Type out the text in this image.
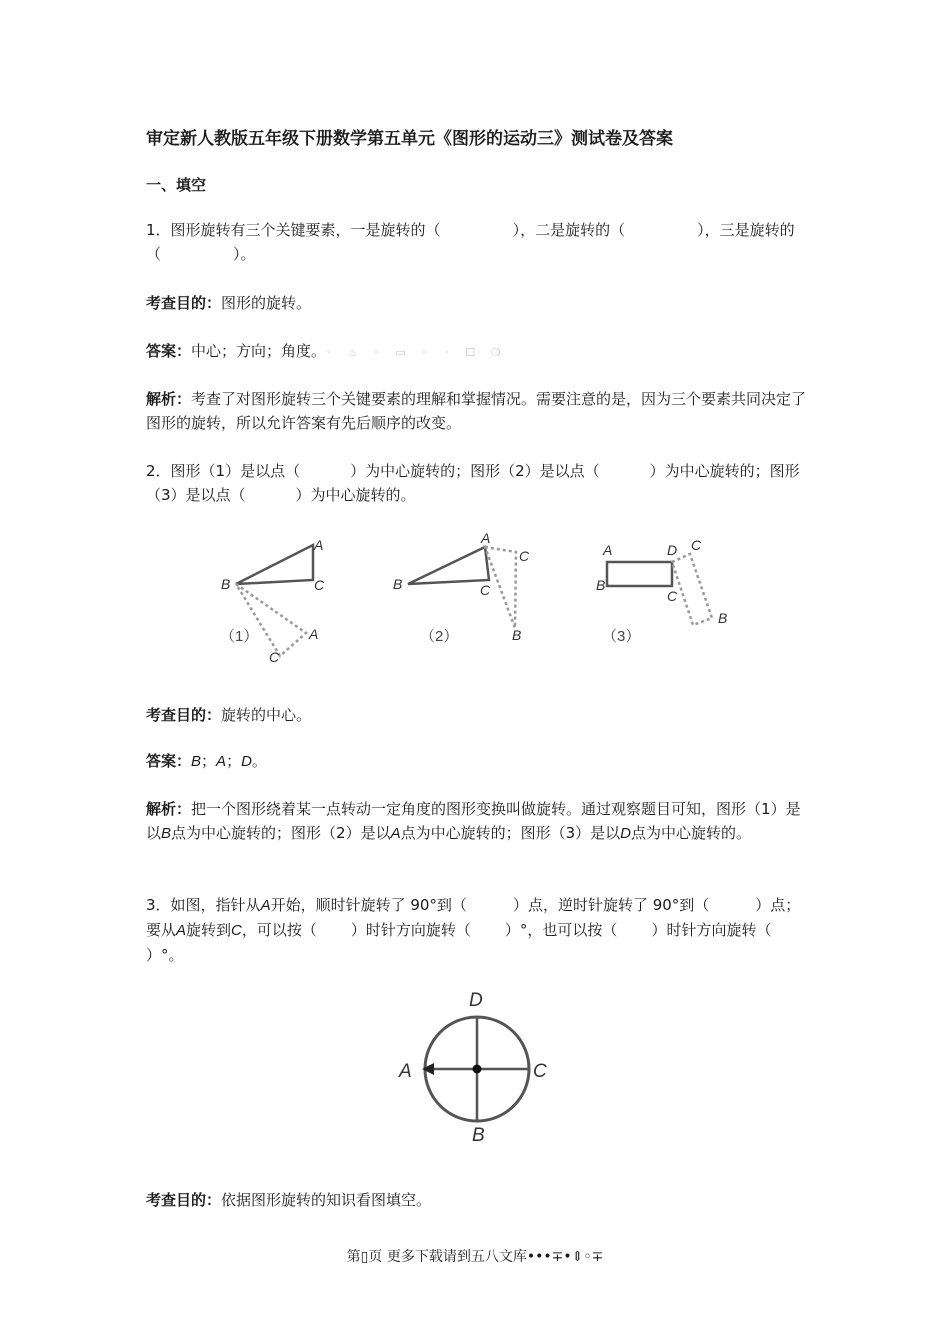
审定新人教版五年级下册数学第五单元《图形的运动三》测试卷及答案
一、填空

1．图形旋转有三个关键要素，一是旋转的（	），二是旋转的（	），三是旋转的（	）。

考查目的：图形的旋转。

答案：中心；方向；角度。◦ ♨ ◦ ▭ ◦ ◦ ☐ ❍

解析：考查了对图形旋转三个关键要素的理解和掌握情况。需要注意的是，因为三个要素共同决定了图形的旋转，所以允许答案有先后顺序的改变。

2．图形（1）是以点（	）为中心旋转的；图形（2）是以点（	）为中心旋转的；图形（3）是以点（	）为中心旋转的。

A
B	C
A
C
（1）
A
C
B	C
B
（2）
A	D C
B
C
B
（3）

考查目的：旋转的中心。

答案：B；A；D。

解析：把一个图形绕着某一点转动一定角度的图形变换叫做旋转。通过观察题目可知，图形（1）是以B点为中心旋转的；图形（2）是以A点为中心旋转的；图形（3）是以D点为中心旋转的。

3．如图，指针从A开始，顺时针旋转了 90°到（	）点，逆时针旋转了 90°到（	）点；要从A旋转到C，可以按（ ）时针方向旋转（ ）°，也可以按（ ）时针方向旋转（）°。

D
A	C
B

考查目的：依据图形旋转的知识看图填空。

第▯页 更多下载请到五八文库•••∓•⇕◦∓
